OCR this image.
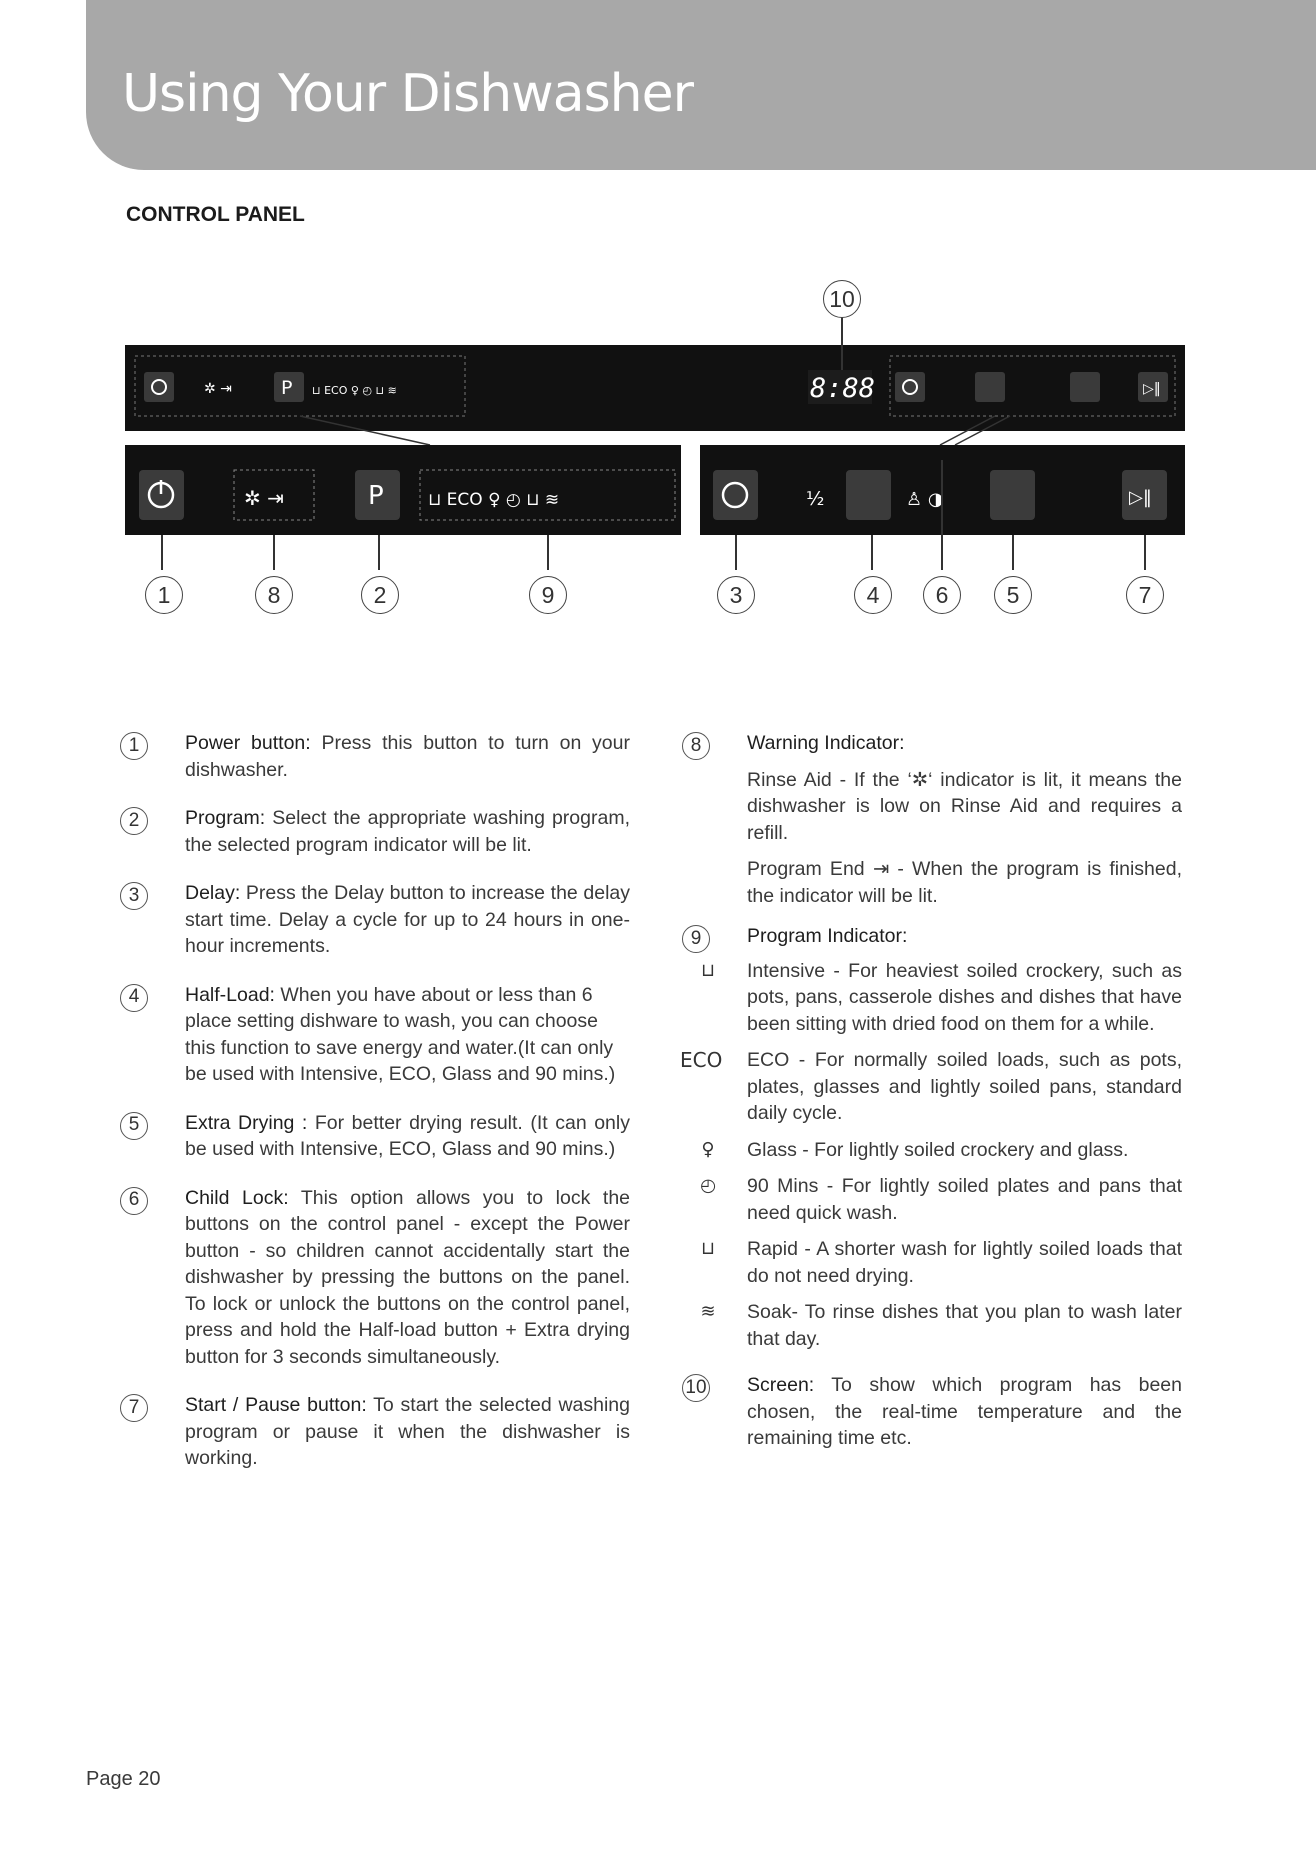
Using Your Dishwasher
CONTROL PANEL
✲ ⇥	P ⊔ ECO ♀ ◴ ⊔ ≋	8:88	▷‖
✲ ⇥	P	⊔ ECO ♀ ◴ ⊔ ≋	½	♙ ◑	▷‖
1	8	2	9	3	4	6	5	7
10
1	Power button: Press this button to turn on your dishwasher.

2	Program: Select the appropriate washing program, the selected program indicator will be lit.

3	Delay: Press the Delay button to increase the delay start time. Delay a cycle for up to 24 hours in one-hour increments.

4	Half-Load: When you have about or less than 6 place setting dishware to wash, you can choose this function to save energy and water.(It can only be used with Intensive, ECO, Glass and 90 mins.)

5	Extra Drying : For better drying result. (It can only be used with Intensive, ECO, Glass and 90 mins.)

6	Child Lock: This option allows you to lock the buttons on the control panel - except the Power button - so children cannot accidentally start the dishwasher by pressing the buttons on the panel. To lock or unlock the buttons on the control panel, press and hold the Half-load button + Extra drying button for 3 seconds simultaneously.

7	Start / Pause button: To start the selected washing program or pause it when the dishwasher is working.

8	Warning Indicator:

Rinse Aid - If the ‘✲‘ indicator is lit, it means the dishwasher is low on Rinse Aid and requires a refill.

Program End ⇥ - When the program is finished, the indicator will be lit.

9	Program Indicator:

⊔	Intensive - For heaviest soiled crockery, such as pots, pans, casserole dishes and dishes that have been sitting with dried food on them for a while.
ECO ECO - For normally soiled loads, such as pots, plates, glasses and lightly soiled pans, standard daily cycle.
♀	Glass - For lightly soiled crockery and glass.
◴	90 Mins - For lightly soiled plates and pans that need quick wash.
⊔	Rapid - A shorter wash for lightly soiled loads that do not need drying.
≋	Soak- To rinse dishes that you plan to wash later that day.
10 Screen: To show which program has been chosen, the real-time temperature and the remaining time etc.

Page 20
